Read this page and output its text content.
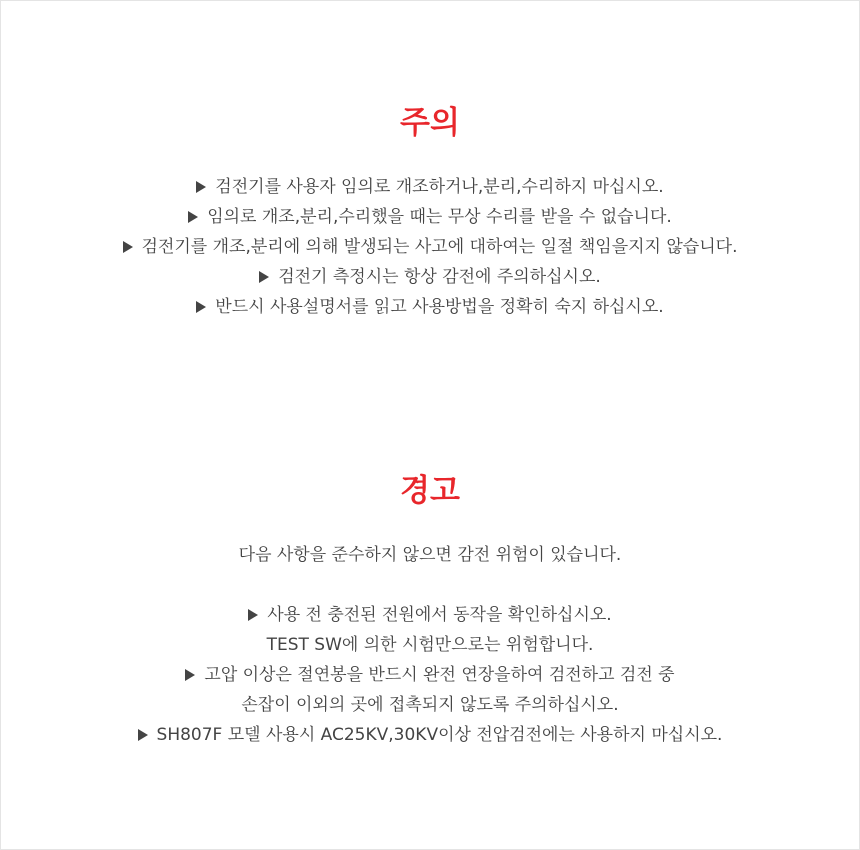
주의
검전기를 사용자 임의로 개조하거나,분리,수리하지 마십시오.
임의로 개조,분리,수리했을 때는 무상 수리를 받을 수 없습니다.
검전기를 개조,분리에 의해 발생되는 사고에 대하여는 일절 책임을지지 않습니다.
검전기 측정시는 항상 감전에 주의하십시오.
반드시 사용설명서를 읽고 사용방법을 정확히 숙지 하십시오.
경고

다음 사항을 준수하지 않으면 감전 위험이 있습니다.

사용 전 충전된 전원에서 동작을 확인하십시오.
TEST SW에 의한 시험만으로는 위험합니다.
고압 이상은 절연봉을 반드시 완전 연장을하여 검전하고 검전 중
손잡이 이외의 곳에 접촉되지 않도록 주의하십시오.
SH807F 모델 사용시 AC25KV,30KV이상 전압검전에는 사용하지 마십시오.
